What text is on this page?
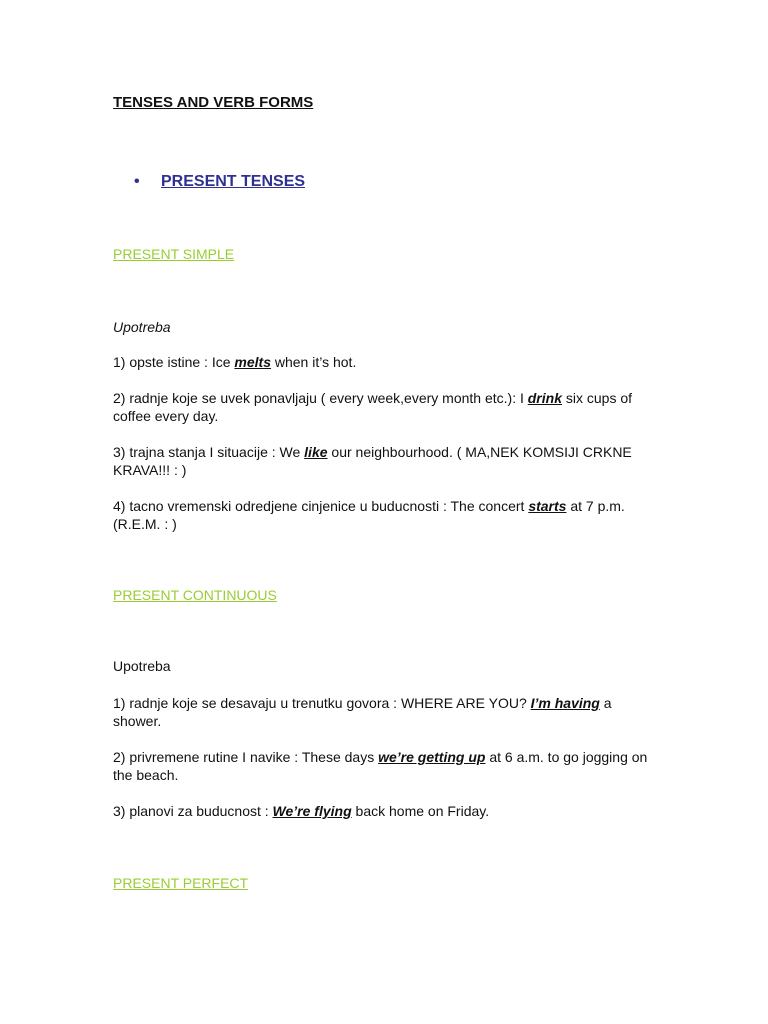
TENSES AND VERB FORMS
•	PRESENT TENSES
PRESENT SIMPLE
Upotreba
1) opste istine : Ice melts when it’s hot.
2) radnje koje se uvek ponavljaju ( every week,every month etc.): I drink six cups of coffee every day.
3) trajna stanja I situacije : We like our neighbourhood. ( MA,NEK KOMSIJI CRKNE KRAVA!!! : )
4) tacno vremenski odredjene cinjenice u buducnosti : The concert starts at 7 p.m. (R.E.M. : )
PRESENT CONTINUOUS
Upotreba
1) radnje koje se desavaju u trenutku govora : WHERE ARE YOU? I’m having a shower.
2) privremene rutine I navike : These days we’re getting up at 6 a.m. to go jogging on the beach.
3) planovi za buducnost : We’re flying back home on Friday.
PRESENT PERFECT
